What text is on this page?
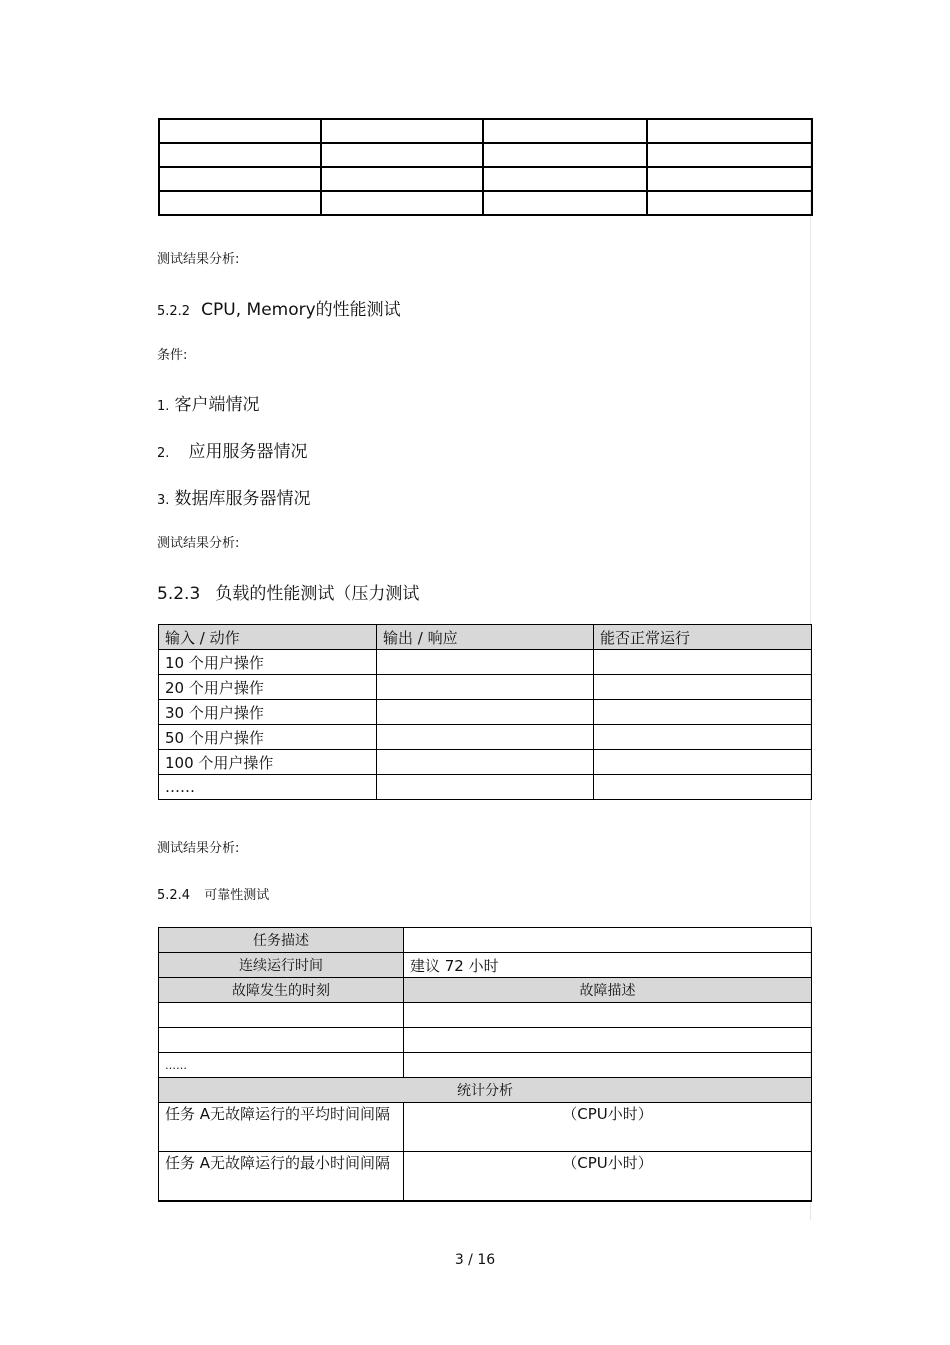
测试结果分析:
5.2.2 CPU, Memory的性能测试
条件:
1. 客户端情况
2. 应用服务器情况
3. 数据库服务器情况
测试结果分析:
5.2.3 负载的性能测试（压力测试
输入 / 动作	输出 / 响应	能否正常运行
10 个用户操作		
20 个用户操作		
30 个用户操作		
50 个用户操作		
100 个用户操作		
……		
测试结果分析:
5.2.4 可靠性测试
任务描述	
连续运行时间	建议 72 小时
故障发生的时刻	故障描述

……	
统计分析	
任务 A无故障运行的平均时间间隔	（CPU小时）
任务 A无故障运行的最小时间间隔	（CPU小时）
3 / 16
